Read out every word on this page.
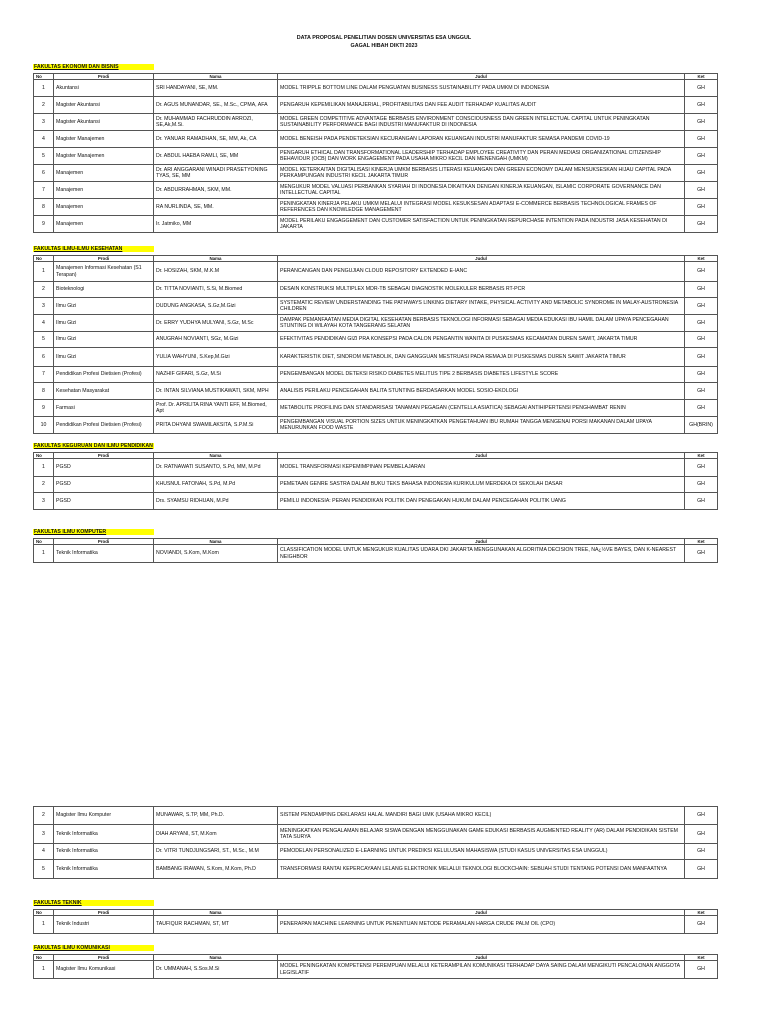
DATA PROPOSAL PENELITIAN DOSEN UNIVERSITAS ESA UNGGUL
GAGAL HIBAH DIKTI 2023
FAKULTAS EKONOMI DAN BISNIS
No	Prodi	Nama	Judul	Ket
1	Akuntansi	SRI HANDAYANI, SE, MM.	MODEL TRIPPLE BOTTOM LINE DALAM PENGUATAN BUSINESS SUSTAINABILITY PADA UMKM DI INDONESIA	GH
2	Magister Akuntansi	Dr. AGUS MUNANDAR, SE., M.Sc., CPMA, AFA	PENGARUH KEPEMILIKAN MANAJERIAL, PROFITABILITAS DAN FEE AUDIT TERHADAP KUALITAS AUDIT	GH
3	Magister Akuntansi	Dr. MUHAMMAD FACHRUDDIN ARROZI, SE,Ak,M.Si.	MODEL GREEN COMPETITIVE ADVANTAGE BERBASIS ENVIRONMENT CONSCIOUSNESS DAN GREEN INTELECTUAL CAPITAL UNTUK PENINGKATAN SUSTAINABILITY PERFORMANCE BAGI INDUSTRI MANUFAKTUR DI INDONESIA	GH
4	Magister Manajemen	Dr. YANUAR RAMADHAN, SE, MM, Ak, CA	MODEL BENEISH PADA PENDETEKSIAN KECURANGAN LAPORAN KEUANGAN INDUSTRI MANUFAKTUR SEMASA PANDEMI COVID-19	GH
5	Magister Manajemen	Dr. ABDUL HAEBA RAMLI, SE, MM	PENGARUH ETHICAL DAN TRANSFORMATIONAL LEADERSHIP TERHADAP EMPLOYEE CREATIVITY DAN PERAN MEDIASI ORGANIZATIONAL CITIZENSHIP BEHAVIOUR (OCB) DAN WORK ENGAGEMENT PADA USAHA MIKRO KECIL DAN MENENGAH (UMKM)	GH
6	Manajemen	Dr. ARI ANGGARANI WINADI PRASETYONING TYAS, SE, MM	MODEL KETERKAITAN DIGITALISASI KINERJA UMKM BERBASIS LITERASI KEUANGAN DAN GREEN ECONOMY DALAM MENSUKSESKAN HIJAU CAPITAL PADA PERKAMPUNGAN INDUSTRI KECIL JAKARTA TIMUR	GH
7	Manajemen	Dr. ABDURRAHMAN, SKM, MM.	MENGUKUR MODEL VALUASI PERBANKAN SYARIAH DI INDONESIA DIKAITKAN DENGAN KINERJA KEUANGAN, ISLAMIC CORPORATE GOVERNANCE DAN INTELLECTUAL CAPITAL	GH
8	Manajemen	RA NURLINDA, SE, MM.	PENINGKATAN KINERJA PELAKU UMKM MELALUI INTEGRASI MODEL KESUKSESAN ADAPTASI E-COMMERCE BERBASIS TECHNOLOGICAL FRAMES OF REFERENCES DAN KNOWLEDGE MANAGEMENT	GH
9	Manajemen	Ir. Jatmiko, MM	MODEL PERILAKU ENGAGGEMENT DAN CUSTOMER SATISFACTION UNTUK PENINGKATAN REPURCHASE INTENTION PADA INDUSTRI JASA KESEHATAN DI JAKARTA	GH
FAKULTAS ILMU-ILMU KESEHATAN
No	Prodi	Nama	Judul	Ket
1	Manajemen Informasi Kesehatan (S1 Terapan)	Dr. HOSIZAH, SKM, M.K.M	PERANCANGAN DAN PENGUJIAN CLOUD REPOSITORY EXTENDED E-IANC	GH
2	Bioteknologi	Dr. TITTA NOVIANTI, S.Si, M.Biomed	DESAIN KONSTRUKSI MULTIPLEX MDR-TB SEBAGAI DIAGNOSTIK MOLEKULER BERBASIS RT-PCR	GH
3	Ilmu Gizi	DUDUNG ANGKASA, S.Gz,M.Gizi	SYSTEMATIC REVIEW UNDERSTANDING THE PATHWAYS LINKING DIETARY INTAKE, PHYSICAL ACTIVITY AND METABOLIC SYNDROME IN MALAY-AUSTRONESIA CHILDREN	GH
4	Ilmu Gizi	Dr. ERRY YUDHYA MULYANI, S.Gz, M.Sc	DAMPAK PEMANFAATAN MEDIA DIGITAL KESEHATAN BERBASIS TEKNOLOGI INFORMASI SEBAGAI MEDIA EDUKASI IBU HAMIL DALAM UPAYA PENCEGAHAN STUNTING DI WILAYAH KOTA TANGERANG SELATAN	GH
5	Ilmu Gizi	ANUGRAH NOVIANTI, SGz, M.Gizi	EFEKTIVITAS PENDIDIKAN GIZI PRA KONSEPSI PADA CALON PENGANTIN WANITA DI PUSKESMAS KECAMATAN DUREN SAWIT, JAKARTA TIMUR	GH
6	Ilmu Gizi	YULIA WAHYUNI, S.Kep,M.Gizi	KARAKTERISTIK DIET, SINDROM METABOLIK, DAN GANGGUAN MESTRUASI PADA REMAJA DI PUSKESMAS DUREN SAWIT JAKARTA TIMUR	GH
7	Pendidikan Profesi Dietisien (Profesi)	NAZHIF GIFARI, S.Gz, M.Si	PENGEMBANGAN MODEL DETEKSI RISIKO DIABETES MELITUS TIPE 2 BERBASIS DIABETES LIFESTYLE SCORE	GH
8	Kesehatan Masyarakat	Dr. INTAN SILVIANA MUSTIKAWATI, SKM, MPH	ANALISIS PERILAKU PENCEGAHAN BALITA STUNTING BERDASARKAN MODEL SOSIO-EKOLOGI	GH
9	Farmasi	Prof. Dr. APRILITA RINA YANTI EFF, M.Biomed, Apt	METABOLITE PROFILING DAN STANDARISASI TANAMAN PEGAGAN (CENTELLA ASIATICA) SEBAGAI ANTIHIPERTENSI PENGHAMBAT RENIN	GH
10	Pendidikan Profesi Dietisien (Profesi)	PRITA DHYANI SWAMILAKSITA, S.P.M.Si	PENGEMBANGAN VISUAL PORTION SIZES UNTUK MENINGKATKAN PENGETAHUAN IBU RUMAH TANGGA MENGENAI PORSI MAKANAN DALAM UPAYA MENURUNKAN FOOD WASTE	GH(BRIN)
FAKULTAS KEGURUAN DAN ILMU PENDIDIKAN
No	Prodi	Nama	Judul	Ket
1	PGSD	Dr. RATNAWATI SUSANTO, S.Pd, MM, M.Pd	MODEL TRANSFORMASI KEPEMIMPINAN PEMBELAJARAN	GH
2	PGSD	KHUSNUL FATONAH, S.Pd, M.Pd	PEMETAAN GENRE SASTRA DALAM BUKU TEKS BAHASA INDONESIA KURIKULUM MERDEKA DI SEKOLAH DASAR	GH
3	PGSD	Drs. SYAMSU RIDHUAN, M.Pd	PEMILU INDONESIA: PERAN PENDIDIKAN POLITIK DAN PENEGAKAN HUKUM DALAM PENCEGAHAN POLITIK UANG	GH
FAKULTAS ILMU KOMPUTER
No	Prodi	Nama	Judul	Ket
1	Teknik Informatika	NOVIANDI, S.Kom, M.Kom	CLASSIFICATION MODEL UNTUK MENGUKUR KUALITAS UDARA DKI JAKARTA MENGGUNAKAN ALGORITMA DECISION TREE, NA¿½VE BAYES, DAN K-NEAREST NEIGHBOR	GH
2	Magister Ilmu Komputer	MUNAWAR, S.TP, MM, Ph.D.	SISTEM PENDAMPING DEKLARASI HALAL MANDIRI BAGI UMK (USAHA MIKRO KECIL)	GH
3	Teknik Informatika	DIAH ARYANI, ST, M.Kom	MENINGKATKAN PENGALAMAN BELAJAR SISWA DENGAN MENGGUNAKAN GAME EDUKASI BERBASIS AUGMENTED REALITY (AR) DALAM PENDIDIKAN SISTEM TATA SURYA	GH
4	Teknik Informatika	Dr. VITRI TUNDJUNGSARI, ST., M.Sc., M.M	PEMODELAN PERSONALIZED E-LEARNING UNTUK PREDIKSI KELULUSAN MAHASISWA (STUDI KASUS UNIVERSITAS ESA UNGGUL)	GH
5	Teknik Informatika	BAMBANG IRAWAN, S.Kom, M.Kom, Ph.D	TRANSFORMASI RANTAI KEPERCAYAAN LELANG ELEKTRONIK MELALUI TEKNOLOGI BLOCKCHAIN: SEBUAH STUDI TENTANG POTENSI DAN MANFAATNYA	GH
FAKULTAS TEKNIK
No	Prodi	Nama	Judul	Ket
1	Teknik Industri	TAUFIQUR RACHMAN, ST, MT	PENERAPAN MACHINE LEARNING UNTUK PENENTUAN METODE PERAMALAN HARGA CRUDE PALM OIL (CPO)	GH
FAKULTAS ILMU KOMUNIKASI
No	Prodi	Nama	Judul	Ket
1	Magister Ilmu Komunikasi	Dr. UMMANAH, S.Sos.M.Si	MODEL PENINGKATAN KOMPETENSI PEREMPUAN MELALUI KETERAMPILAN KOMUNIKASI TERHADAP DAYA SAING DALAM MENGIKUTI PENCALONAN ANGGOTA LEGISLATIF	GH
